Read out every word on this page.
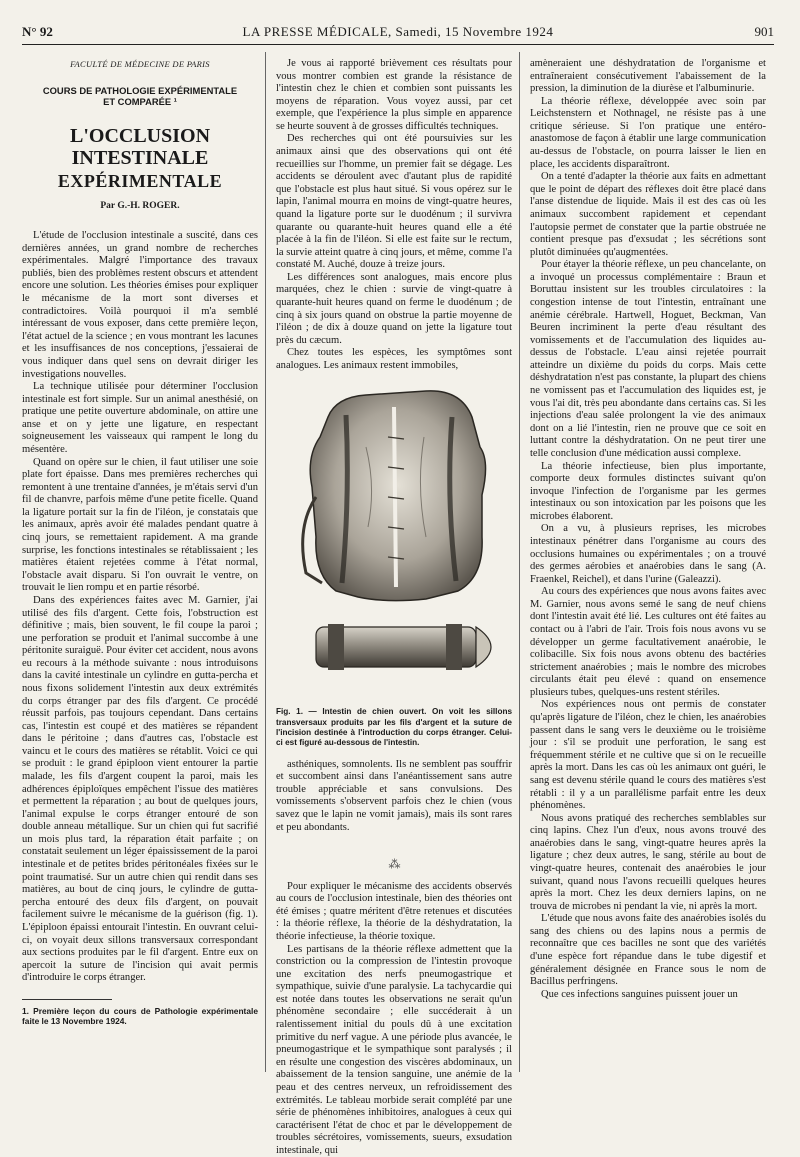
N° 92	LA PRESSE MÉDICALE, Samedi, 15 Novembre 1924	901
FACULTÉ DE MÉDECINE DE PARIS
COURS DE PATHOLOGIE EXPÉRIMENTALE
ET COMPARÉE ¹
L'OCCLUSION INTESTINALE
EXPÉRIMENTALE
Par G.-H. ROGER.

L'étude de l'occlusion intestinale a suscité, dans ces dernières années, un grand nombre de recherches expérimentales. Malgré l'importance des travaux publiés, bien des problèmes restent obscurs et attendent encore une solution. Les théories émises pour expliquer le mécanisme de la mort sont diverses et contradictoires. Voilà pourquoi il m'a semblé intéressant de vous exposer, dans cette première leçon, l'état actuel de la science ; en vous montrant les lacunes et les insuffisances de nos conceptions, j'essaierai de vous indiquer dans quel sens on devrait diriger les investigations nouvelles.

La technique utilisée pour déterminer l'occlusion intestinale est fort simple. Sur un animal anesthésié, on pratique une petite ouverture abdominale, on attire une anse et on y jette une ligature, en respectant soigneusement les vaisseaux qui rampent le long du mésentère.

Quand on opère sur le chien, il faut utiliser une soie plate fort épaisse. Dans mes premières recherches qui remontent à une trentaine d'années, je m'étais servi d'un fil de chanvre, parfois même d'une petite ficelle. Quand la ligature portait sur la fin de l'iléon, je constatais que les animaux, après avoir été malades pendant quatre à cinq jours, se remettaient rapidement. A ma grande surprise, les fonctions intestinales se rétablissaient ; les matières étaient rejetées comme à l'état normal, l'obstacle avait disparu. Si l'on ouvrait le ventre, on trouvait le lien rompu et en partie résorbé.

Dans des expériences faites avec M. Garnier, j'ai utilisé des fils d'argent. Cette fois, l'obstruction est définitive ; mais, bien souvent, le fil coupe la paroi ; une perforation se produit et l'animal succombe à une péritonite suraiguë. Pour éviter cet accident, nous avons eu recours à la méthode suivante : nous introduisons dans la cavité intestinale un cylindre en gutta-percha et nous fixons solidement l'intestin aux deux extrémités du corps étranger par des fils d'argent. Ce procédé réussit parfois, pas toujours cependant. Dans certains cas, l'intestin est coupé et des matières se répandent dans le péritoine ; dans d'autres cas, l'obstacle est vaincu et le cours des matières se rétablit. Voici ce qui se produit : le grand épiploon vient entourer la partie malade, les fils d'argent coupent la paroi, mais les adhérences épiploïques empêchent l'issue des matières et permettent la réparation ; au bout de quelques jours, l'animal expulse le corps étranger entouré de son double anneau métallique. Sur un chien qui fut sacrifié un mois plus tard, la réparation était parfaite ; on constatait seulement un léger épaississement de la paroi intestinale et de petites brides péritonéales fixées sur le point traumatisé. Sur un autre chien qui rendit dans ses matières, au bout de cinq jours, le cylindre de gutta-percha entouré des deux fils d'argent, on pouvait facilement suivre le mécanisme de la guérison (fig. 1). L'épiploon épaissi entourait l'intestin. En ouvrant celui-ci, on voyait deux sillons transversaux correspondant aux sections produites par le fil d'argent. Entre eux on apercoit la suture de l'incision qui avait permis d'introduire le corps étranger.

1. Première leçon du cours de Pathologie expérimentale faite le 13 Novembre 1924.

Je vous ai rapporté brièvement ces résultats pour vous montrer combien est grande la résistance de l'intestin chez le chien et combien sont puissants les moyens de réparation. Vous voyez aussi, par cet exemple, que l'expérience la plus simple en apparence se heurte souvent à de grosses difficultés techniques.

Des recherches qui ont été poursuivies sur les animaux ainsi que des observations qui ont été recueillies sur l'homme, un premier fait se dégage. Les accidents se déroulent avec d'autant plus de rapidité que l'obstacle est plus haut situé. Si vous opérez sur le lapin, l'animal mourra en moins de vingt-quatre heures, quand la ligature porte sur le duodénum ; il survivra quarante ou quarante-huit heures quand elle a été placée à la fin de l'iléon. Si elle est faite sur le rectum, la survie atteint quatre à cinq jours, et même, comme l'a constaté M. Auché, douze à treize jours.

Les différences sont analogues, mais encore plus marquées, chez le chien : survie de vingt-quatre à quarante-huit heures quand on ferme le duodénum ; de cinq à six jours quand on obstrue la partie moyenne de l'iléon ; de dix à douze quand on jette la ligature tout près du cæcum.

Chez toutes les espèces, les symptômes sont analogues. Les animaux restent immobiles,

Fig. 1. — Intestin de chien ouvert. On voit les sillons transversaux produits par les fils d'argent et la suture de l'incision destinée à l'introduction du corps étranger. Celui-ci est figuré au-dessous de l'intestin.

asthéniques, somnolents. Ils ne semblent pas souffrir et succombent ainsi dans l'anéantissement sans autre trouble appréciable et sans convulsions. Des vomissements s'observent parfois chez le chien (vous savez que le lapin ne vomit jamais), mais ils sont rares et peu abondants.

⁂

Pour expliquer le mécanisme des accidents observés au cours de l'occlusion intestinale, bien des théories ont été émises ; quatre méritent d'être retenues et discutées : la théorie réflexe, la théorie de la déshydratation, la théorie infectieuse, la théorie toxique.

Les partisans de la théorie réflexe admettent que la constriction ou la compression de l'intestin provoque une excitation des nerfs pneumogastrique et sympathique, suivie d'une paralysie. La tachycardie qui est notée dans toutes les observations ne serait qu'un phénomène secondaire ; elle succéderait à un ralentissement initial du pouls dû à une excitation primitive du nerf vague. A une période plus avancée, le pneumogastrique et le sympathique sont paralysés ; il en résulte une congestion des viscères abdominaux, un abaissement de la tension sanguine, une anémie de la peau et des centres nerveux, un refroidissement des extrémités. Le tableau morbide serait complété par une série de phénomènes inhibitoires, analogues à ceux qui caractérisent l'état de choc et par le développement de troubles sécrétoires, vomissements, sueurs, exsudation intestinale, qui

amèneraient une déshydratation de l'organisme et entraîneraient consécutivement l'abaissement de la pression, la diminution de la diurèse et l'albuminurie.

La théorie réflexe, développée avec soin par Leichstenstern et Nothnagel, ne résiste pas à une critique sérieuse. Si l'on pratique une entéro-anastomose de façon à établir une large communication au-dessus de l'obstacle, on pourra laisser le lien en place, les accidents disparaîtront.

On a tenté d'adapter la théorie aux faits en admettant que le point de départ des réflexes doit être placé dans l'anse distendue de liquide. Mais il est des cas où les animaux succombent rapidement et cependant l'autopsie permet de constater que la partie obstruée ne contient presque pas d'exsudat ; les sécrétions sont plutôt diminuées qu'augmentées.

Pour étayer la théorie réflexe, un peu chancelante, on a invoqué un processus complémentaire : Braun et Boruttau insistent sur les troubles circulatoires : la congestion intense de tout l'intestin, entraînant une anémie cérébrale. Hartwell, Hoguet, Beckman, Van Beuren incriminent la perte d'eau résultant des vomissements et de l'accumulation des liquides au-dessus de l'obstacle. L'eau ainsi rejetée pourrait atteindre un dixième du poids du corps. Mais cette déshydratation n'est pas constante, la plupart des chiens ne vomissent pas et l'accumulation des liquides est, je vous l'ai dit, très peu abondante dans certains cas. Si les injections d'eau salée prolongent la vie des animaux dont on a lié l'intestin, rien ne prouve que ce soit en luttant contre la déshydratation. On ne peut tirer une telle conclusion d'une médication aussi complexe.

La théorie infectieuse, bien plus importante, comporte deux formules distinctes suivant qu'on invoque l'infection de l'organisme par les germes intestinaux ou son intoxication par les poisons que les microbes élaborent.

On a vu, à plusieurs reprises, les microbes intestinaux pénétrer dans l'organisme au cours des occlusions humaines ou expérimentales ; on a trouvé des germes aérobies et anaérobies dans le sang (A. Fraenkel, Reichel), et dans l'urine (Galeazzi).

Au cours des expériences que nous avons faites avec M. Garnier, nous avons semé le sang de neuf chiens dont l'intestin avait été lié. Les cultures ont été faites au contact ou à l'abri de l'air. Trois fois nous avons vu se développer un germe facultativement anaérobie, le colibacille. Six fois nous avons obtenu des bactéries strictement anaérobies ; mais le nombre des microbes circulants était peu élevé : quand on ensemence plusieurs tubes, quelques-uns restent stériles.

Nos expériences nous ont permis de constater qu'après ligature de l'iléon, chez le chien, les anaérobies passent dans le sang vers le deuxième ou le troisième jour : s'il se produit une perforation, le sang est fréquemment stérile et ne cultive que si on le recueille après la mort. Dans les cas où les animaux ont guéri, le sang est devenu stérile quand le cours des matières s'est rétabli : il y a un parallélisme parfait entre les deux phénomènes.

Nous avons pratiqué des recherches semblables sur cinq lapins. Chez l'un d'eux, nous avons trouvé des anaérobies dans le sang, vingt-quatre heures après la ligature ; chez deux autres, le sang, stérile au bout de vingt-quatre heures, contenait des anaérobies le jour suivant, quand nous l'avons recueilli quelques heures après la mort. Chez les deux derniers lapins, on ne trouva de microbes ni pendant la vie, ni après la mort.

L'étude que nous avons faite des anaérobies isolés du sang des chiens ou des lapins nous a permis de reconnaître que ces bacilles ne sont que des variétés d'une espèce fort répandue dans le tube digestif et généralement désignée en France sous le nom de Bacillus perfringens.

Que ces infections sanguines puissent jouer un
